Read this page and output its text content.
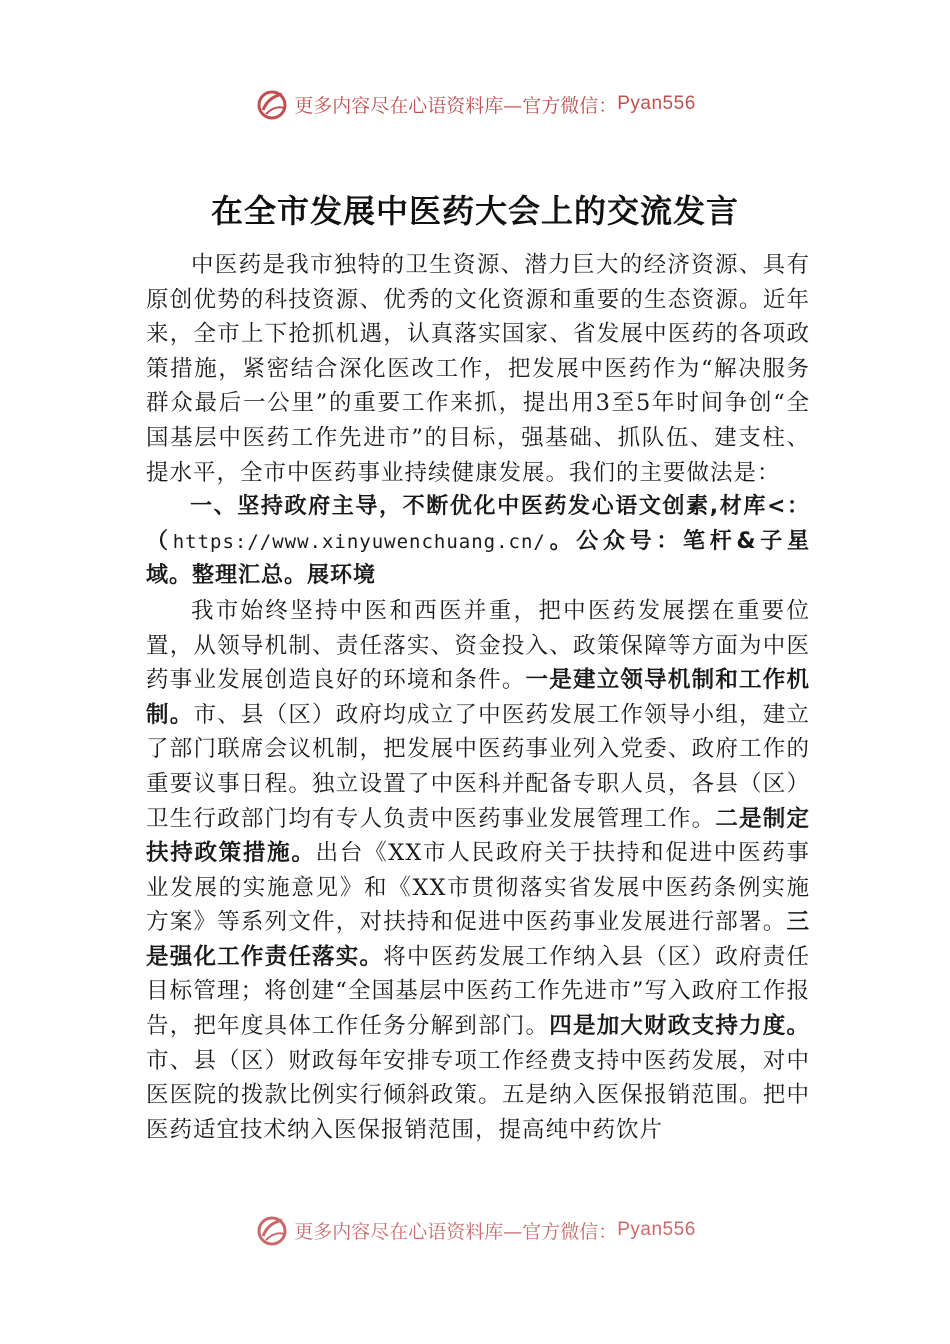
更多内容尽在心语资料库—官方微信： Pyan556
在全市发展中医药大会上的交流发言

中医药是我市独特的卫生资源、潜力巨大的经济资源、具有原创优势的科技资源、优秀的文化资源和重要的生态资源。近年来，全市上下抢抓机遇，认真落实国家、省发展中医药的各项政策措施，紧密结合深化医改工作，把发展中医药作为“解决服务群众最后一公里”的重要工作来抓，提出用3至5年时间争创“全国基层中医药工作先进市”的目标，强基础、抓队伍、建支柱、提水平，全市中医药事业持续健康发展。我们的主要做法是：

一、坚持政府主导，不断优化中医药发心语文创素,材库<：（https://www.xinyuwenchuang.cn/。公众号：笔杆&子星域。整理汇总。展环境

我市始终坚持中医和西医并重，把中医药发展摆在重要位置，从领导机制、责任落实、资金投入、政策保障等方面为中医药事业发展创造良好的环境和条件。一是建立领导机制和工作机制。市、县（区）政府均成立了中医药发展工作领导小组，建立了部门联席会议机制，把发展中医药事业列入党委、政府工作的重要议事日程。独立设置了中医科并配备专职人员，各县（区）卫生行政部门均有专人负责中医药事业发展管理工作。二是制定扶持政策措施。出台《XX市人民政府关于扶持和促进中医药事业发展的实施意见》和《XX市贯彻落实省发展中医药条例实施方案》等系列文件，对扶持和促进中医药事业发展进行部署。三是强化工作责任落实。将中医药发展工作纳入县（区）政府责任目标管理；将创建“全国基层中医药工作先进市”写入政府工作报告，把年度具体工作任务分解到部门。四是加大财政支持力度。市、县（区）财政每年安排专项工作经费支持中医药发展，对中医医院的拨款比例实行倾斜政策。五是纳入医保报销范围。把中医药适宜技术纳入医保报销范围，提高纯中药饮片

更多内容尽在心语资料库—官方微信： Pyan556
